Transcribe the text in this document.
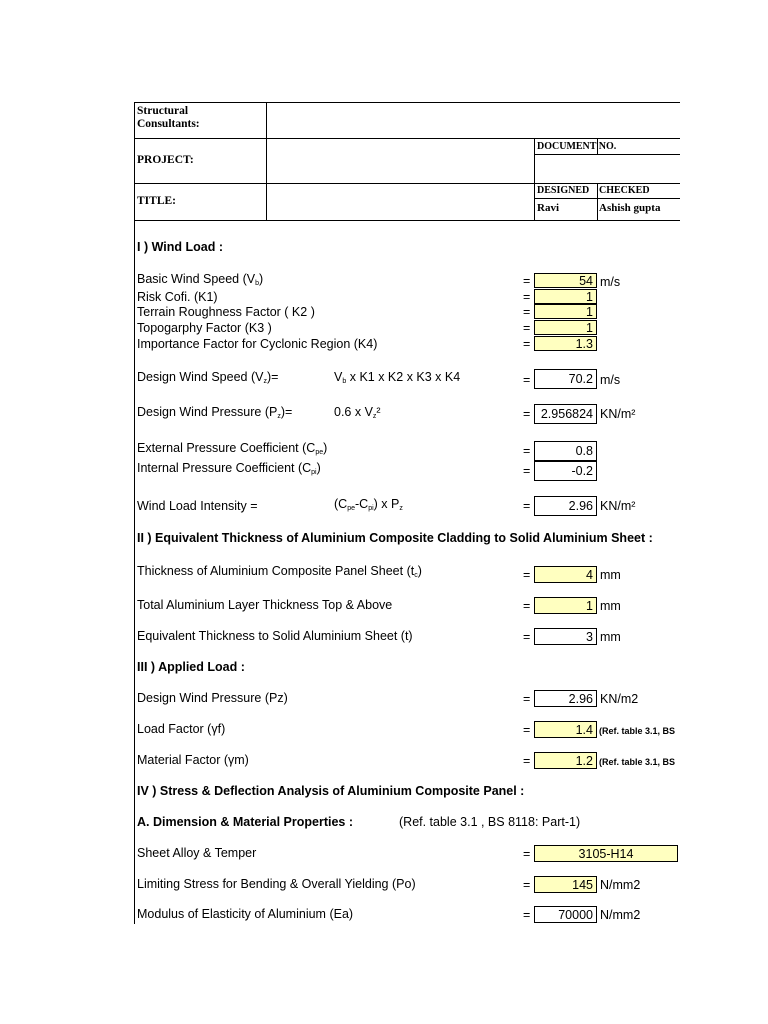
Structural Consultants:
PROJECT:
TITLE:
DOCUMENT NO.
DESIGNED CHECKED
Ravi	Ashish gupta
I ) Wind Load :
Basic Wind Speed $(V_b)$	=	54 m/s
Risk Cofi. (K1)	=	1
Terrain Roughness Factor ( K2 )	=	1
Topogarphy Factor (K3 )	=	1
Importance Factor for Cyclonic Region (K4)	=	1.3
Design Wind Speed $(V_z)=$	$V_b$ x K1 x K2 x K3 x K4	=	70.2 m/s
Design Wind Pressure $(P_z)=$	0.6 x $V_z^2$	= 2.956824 KN/m²
External Pressure Coefficient $(C_{pe})$	=	0.8
Internal Pressure Coefficient $(C_{pi})$	=	-0.2
Wind Load Intensity =	$(C_{pe}-C_{pi})$ x $P_z$	=	2.96 KN/m²
II ) Equivalent Thickness of Aluminium Composite Cladding to Solid Aluminium Sheet :
Thickness of Aluminium Composite Panel Sheet $(t_c)$	=	4 mm
Total Aluminium Layer Thickness Top & Above	=	1 mm
Equivalent Thickness to Solid Aluminium Sheet (t)	=	3 mm
III ) Applied Load :
Design Wind Pressure (Pz)	=	2.96 KN/m2
Load Factor (γf)	=	1.4 (Ref. table 3.1, BS
Material Factor (γm)	=	1.2 (Ref. table 3.1, BS
IV ) Stress & Deflection Analysis of Aluminium Composite Panel :
A. Dimension & Material Properties :	(Ref. table 3.1 , BS 8118: Part-1)
Sheet Alloy & Temper	=	3105-H14
Limiting Stress for Bending & Overall Yielding (Po)	=	145 N/mm2
Modulus of Elasticity of Aluminium (Ea)	=	70000 N/mm2
